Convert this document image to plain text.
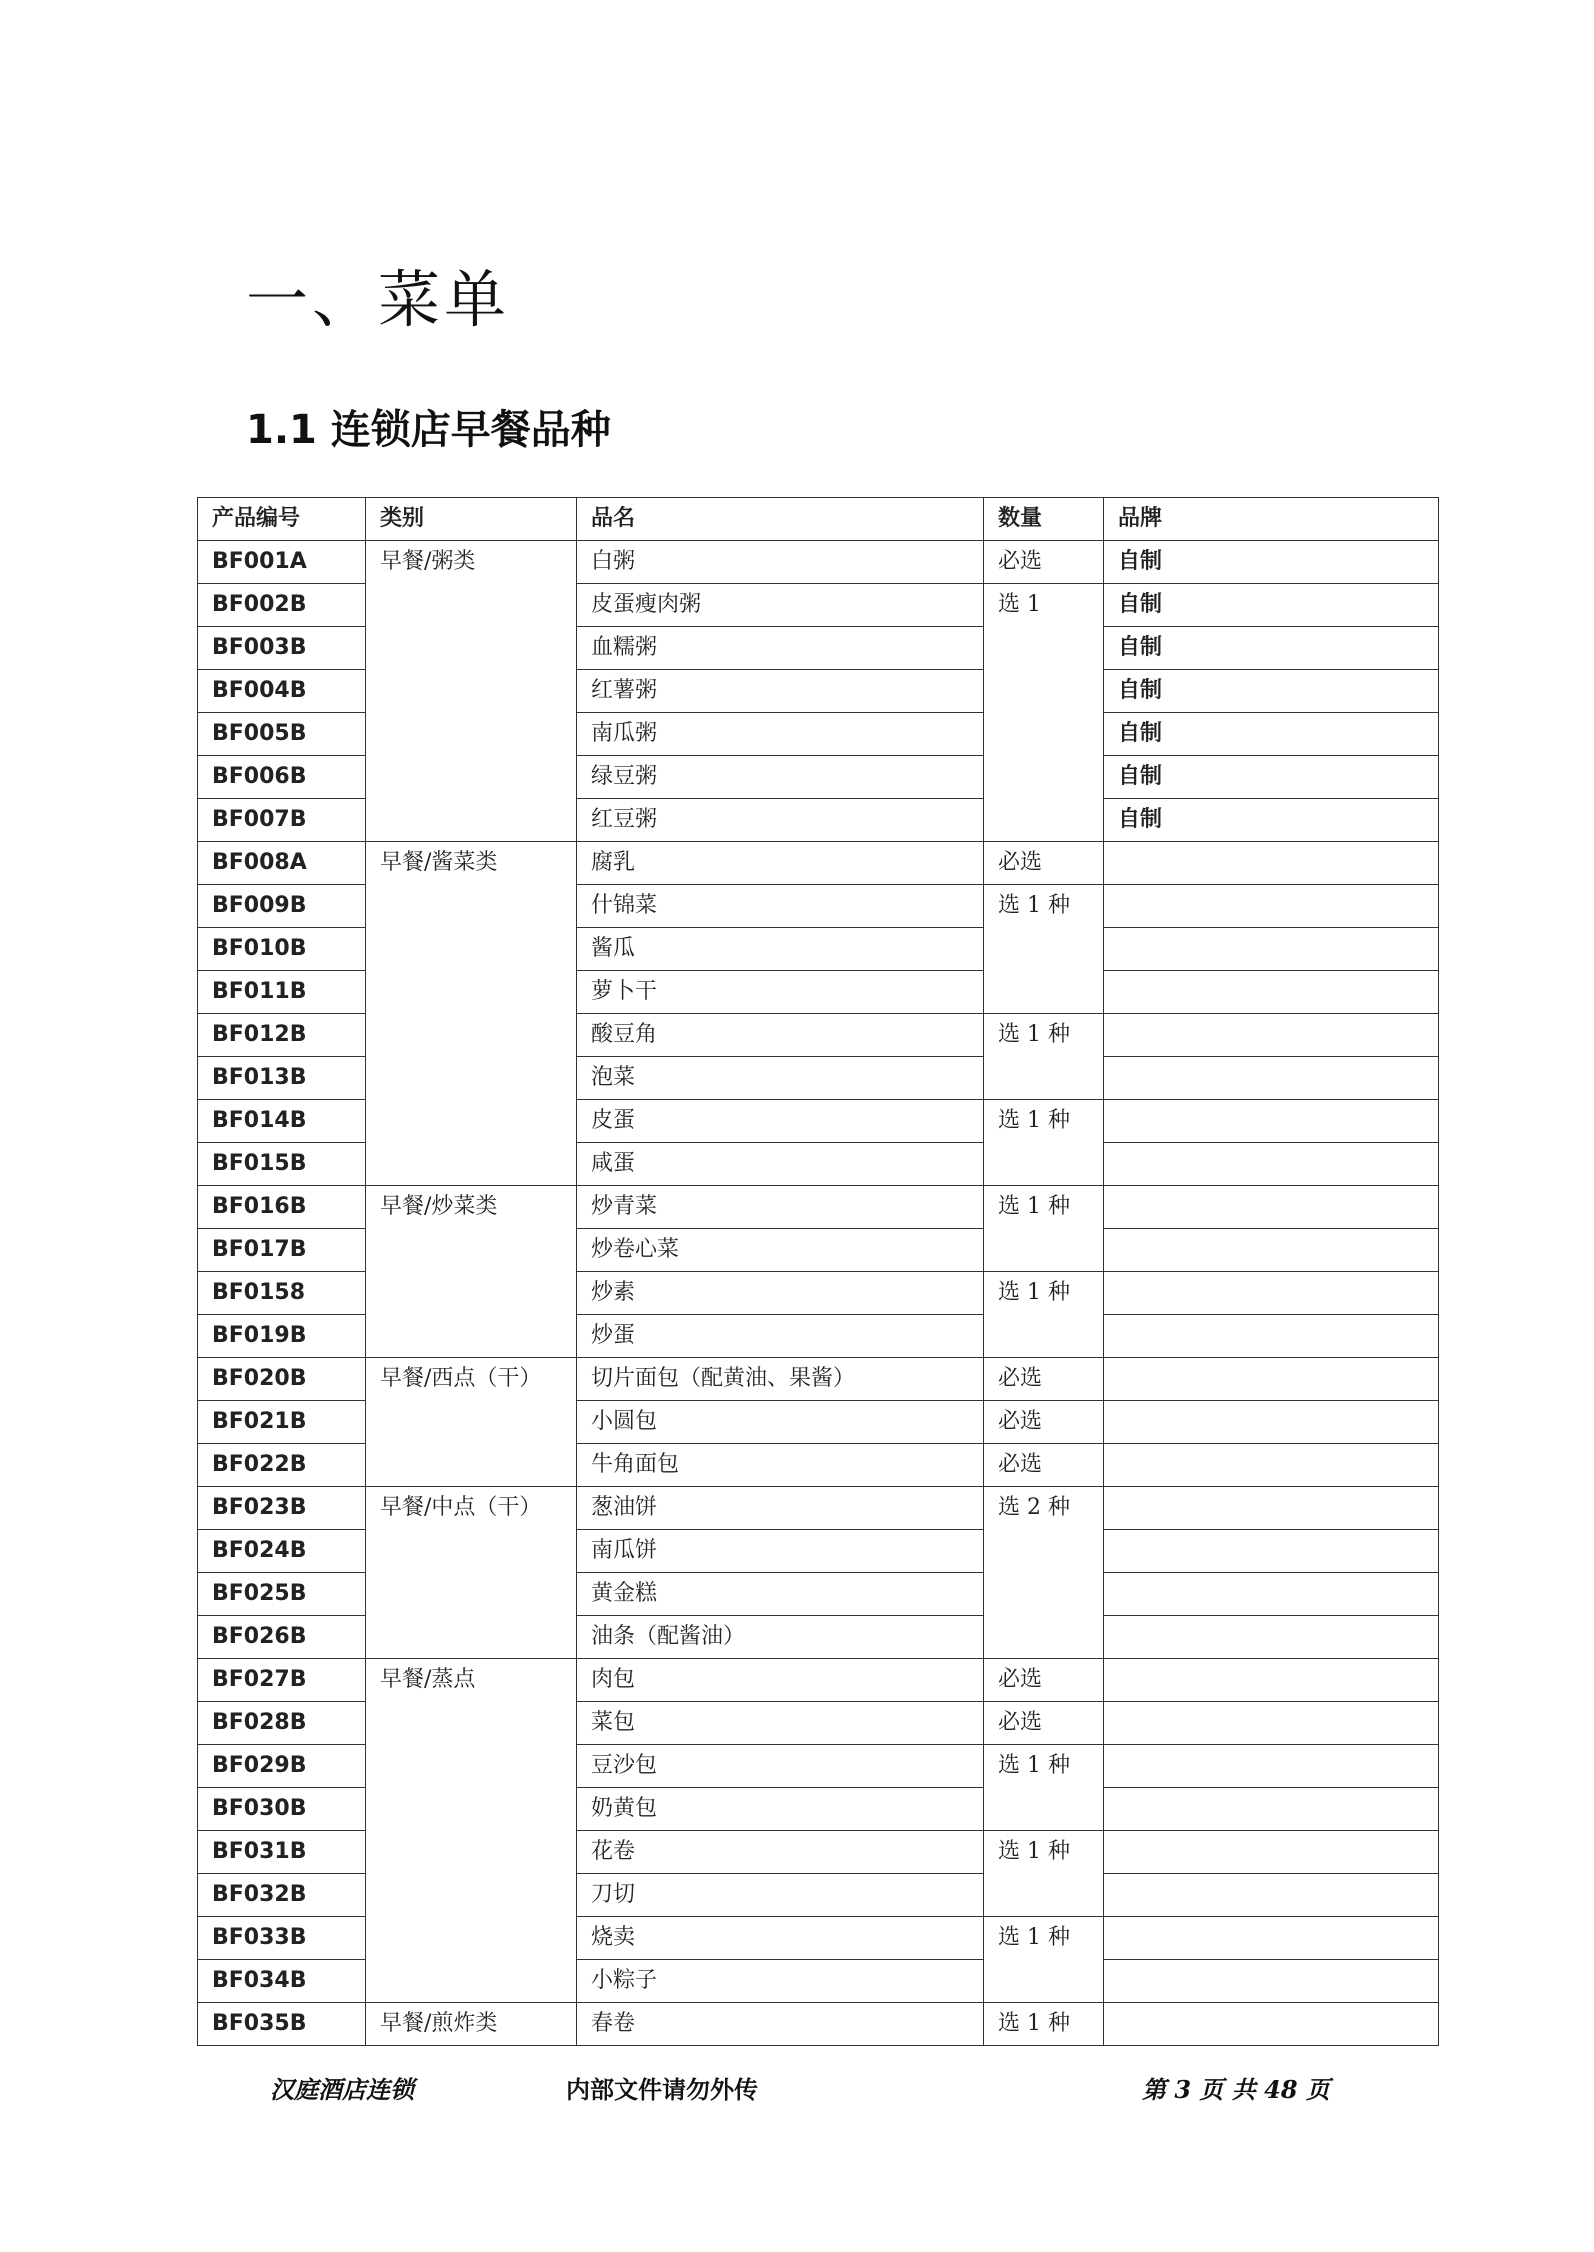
一、菜单
1.1 连锁店早餐品种
产品编号	类别	品名	数量	品牌
BF001A	早餐/粥类	白粥	必选	自制
BF002B		皮蛋瘦肉粥	选 1	自制
BF003B		血糯粥		自制
BF004B		红薯粥		自制
BF005B		南瓜粥		自制
BF006B		绿豆粥		自制
BF007B		红豆粥		自制
BF008A	早餐/酱菜类	腐乳	必选	
BF009B		什锦菜	选 1 种	
BF010B		酱瓜		
BF011B		萝卜干		
BF012B		酸豆角	选 1 种	
BF013B		泡菜		
BF014B		皮蛋	选 1 种	
BF015B		咸蛋		
BF016B	早餐/炒菜类	炒青菜	选 1 种	
BF017B		炒卷心菜		
BF0158		炒素	选 1 种	
BF019B		炒蛋		
BF020B	早餐/西点（干）	切片面包（配黄油、果酱）	必选	
BF021B		小圆包	必选	
BF022B		牛角面包	必选	
BF023B	早餐/中点（干）	葱油饼	选 2 种	
BF024B		南瓜饼		
BF025B		黄金糕		
BF026B		油条（配酱油）		
BF027B	早餐/蒸点	肉包	必选	
BF028B		菜包	必选	
BF029B		豆沙包	选 1 种	
BF030B		奶黄包		
BF031B		花卷	选 1 种	
BF032B		刀切		
BF033B		烧卖	选 1 种	
BF034B		小粽子		
BF035B	早餐/煎炸类	春卷	选 1 种	
汉庭酒店连锁	内部文件请勿外传	第 3 页 共 48 页
